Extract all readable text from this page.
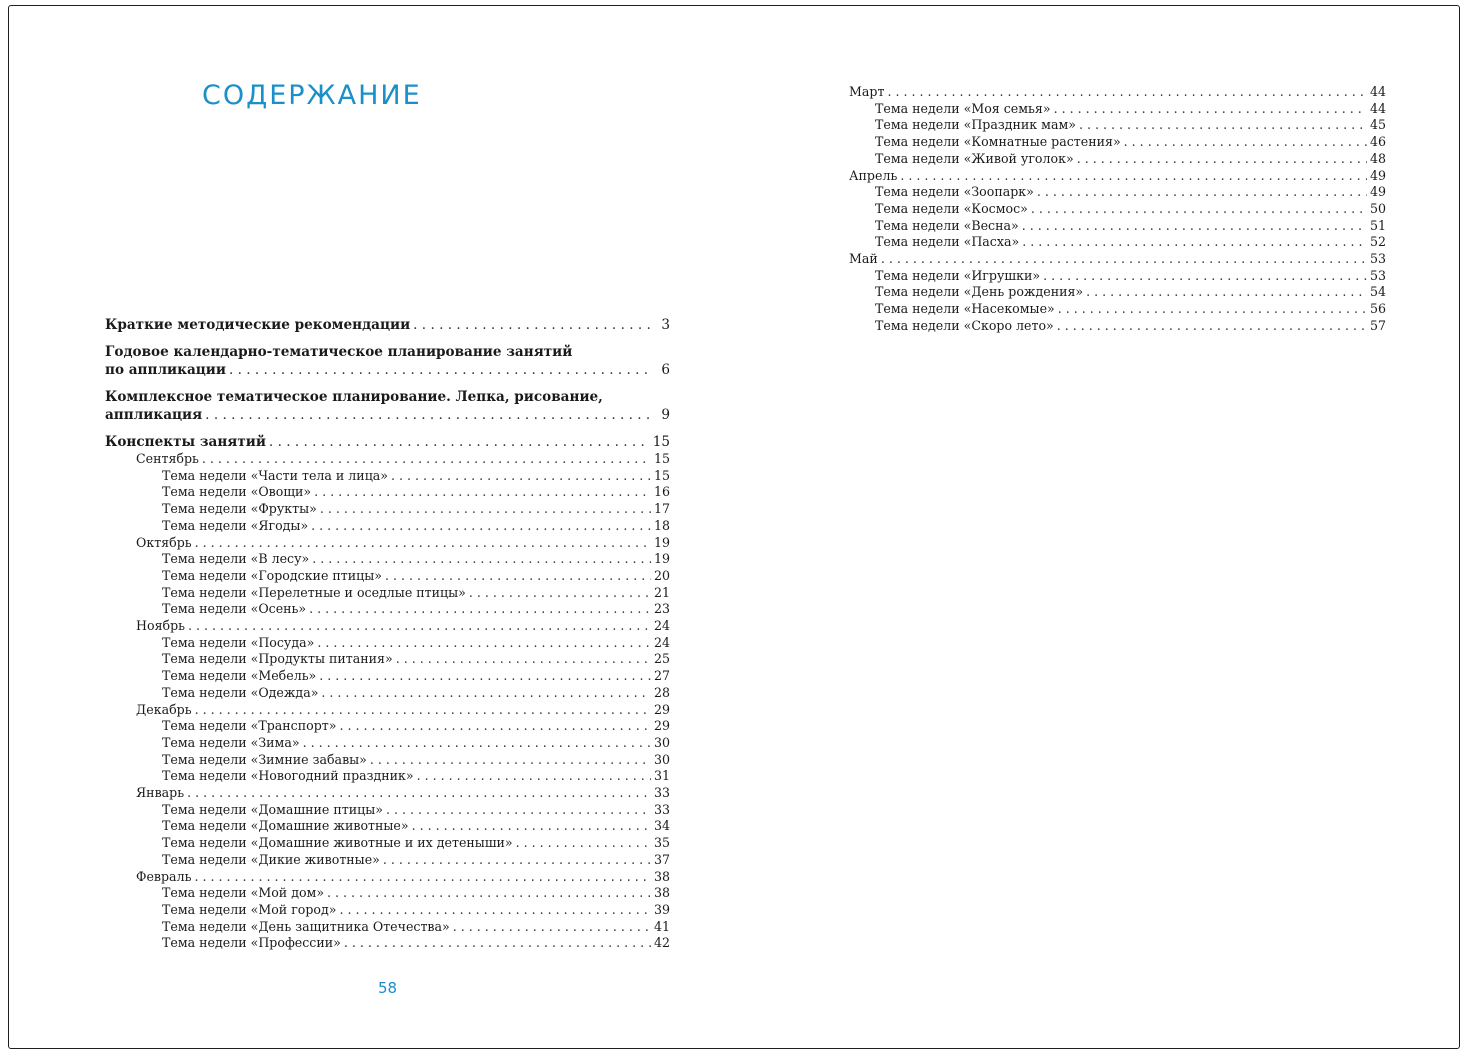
СОДЕРЖАНИЕ
Краткие методические рекомендации . . .	3
Годовое календарно-тематическое планирование занятий
по аппликации . . .	6
Комплексное тематическое планирование. Лепка, рисование,
аппликация . . .	9
Конспекты занятий . . .	15
Сентябрь . . .	15
Тема недели «Части тела и лица» . . .	15
Тема недели «Овощи» . . .	16
Тема недели «Фрукты» . . .	17
Тема недели «Ягоды» . . .	18
Октябрь . . .	19
Тема недели «В лесу» . . .	19
Тема недели «Городские птицы» . . .	20
Тема недели «Перелетные и оседлые птицы» . . .	21
Тема недели «Осень» . . .	23
Ноябрь . . .	24
Тема недели «Посуда» . . .	24
Тема недели «Продукты питания» . . .	25
Тема недели «Мебель» . . .	27
Тема недели «Одежда» . . .	28
Декабрь . . .	29
Тема недели «Транспорт» . . .	29
Тема недели «Зима» . . .	30
Тема недели «Зимние забавы» . . .	30
Тема недели «Новогодний праздник» . . .	31
Январь . . .	33
Тема недели «Домашние птицы» . . .	33
Тема недели «Домашние животные» . . .	34
Тема недели «Домашние животные и их детеныши» . . .	35
Тема недели «Дикие животные» . . .	37
Февраль . . .	38
Тема недели «Мой дом» . . .	38
Тема недели «Мой город» . . .	39
Тема недели «День защитника Отечества» . . .	41
Тема недели «Профессии» . . .	42
Март . . .	44
Тема недели «Моя семья» . . .	44
Тема недели «Праздник мам» . . .	45
Тема недели «Комнатные растения» . . .	46
Тема недели «Живой уголок» . . .	48
Апрель . . .	49
Тема недели «Зоопарк» . . .	49
Тема недели «Космос» . . .	50
Тема недели «Весна» . . .	51
Тема недели «Пасха» . . .	52
Май . . .	53
Тема недели «Игрушки» . . .	53
Тема недели «День рождения» . . .	54
Тема недели «Насекомые» . . .	56
Тема недели «Скоро лето» . . .	57
58
